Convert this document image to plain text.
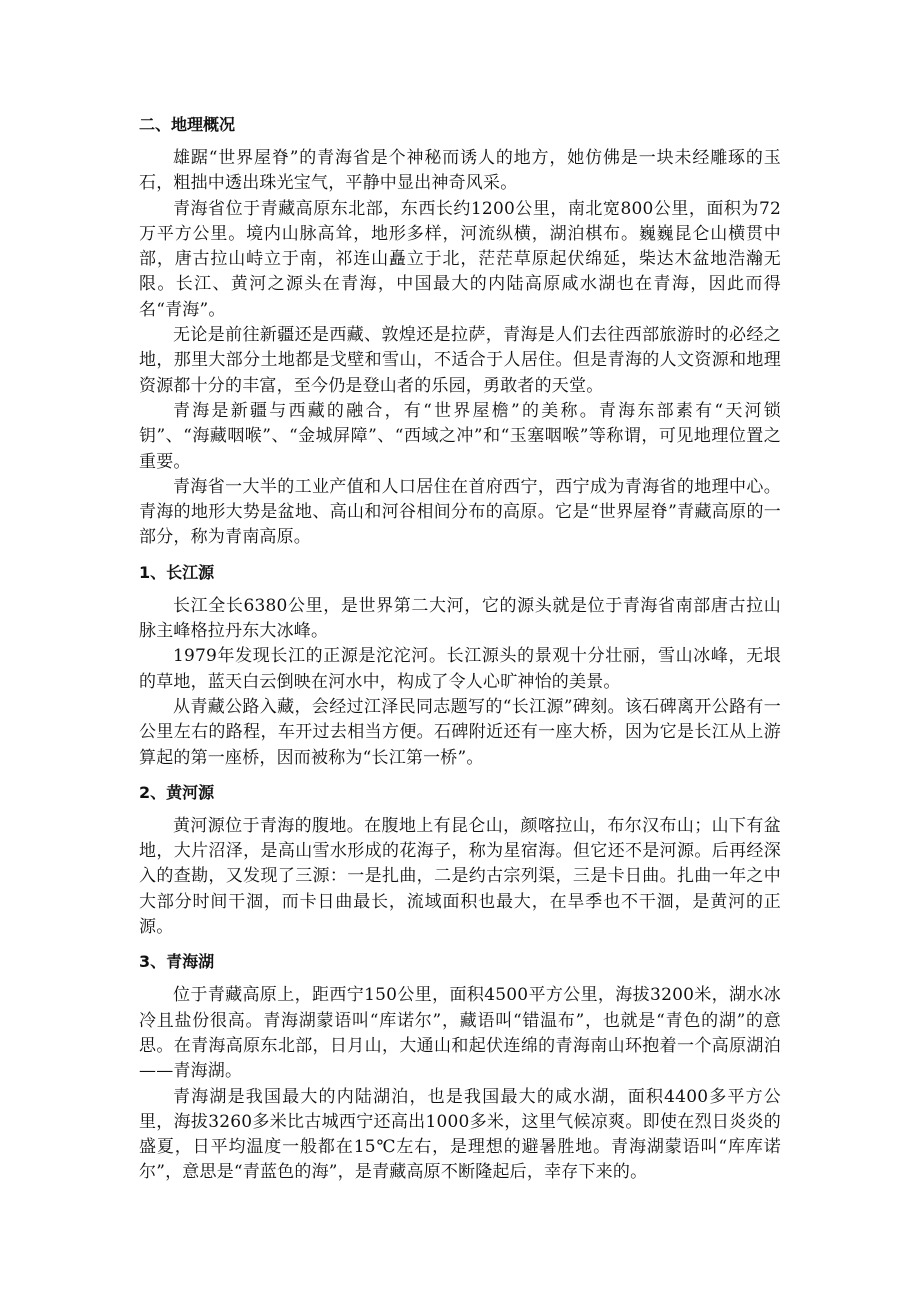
二、地理概况

雄踞“世界屋脊”的青海省是个神秘而诱人的地方，她仿佛是一块未经雕琢的玉石，粗拙中透出珠光宝气，平静中显出神奇风采。

青海省位于青藏高原东北部，东西长约1200公里，南北宽800公里，面积为72万平方公里。境内山脉高耸，地形多样，河流纵横，湖泊棋布。巍巍昆仑山横贯中部，唐古拉山峙立于南，祁连山矗立于北，茫茫草原起伏绵延，柴达木盆地浩瀚无限。长江、黄河之源头在青海，中国最大的内陆高原咸水湖也在青海，因此而得名“青海”。

无论是前往新疆还是西藏、敦煌还是拉萨，青海是人们去往西部旅游时的必经之地，那里大部分土地都是戈壁和雪山，不适合于人居住。但是青海的人文资源和地理资源都十分的丰富，至今仍是登山者的乐园，勇敢者的天堂。

青海是新疆与西藏的融合，有“世界屋檐”的美称。青海东部素有“天河锁钥”、“海藏咽喉”、“金城屏障”、“西域之冲”和“玉塞咽喉”等称谓，可见地理位置之重要。

青海省一大半的工业产值和人口居住在首府西宁，西宁成为青海省的地理中心。青海的地形大势是盆地、高山和河谷相间分布的高原。它是“世界屋脊”青藏高原的一部分，称为青南高原。

1、长江源

长江全长6380公里，是世界第二大河，它的源头就是位于青海省南部唐古拉山脉主峰格拉丹东大冰峰。

1979年发现长江的正源是沱沱河。长江源头的景观十分壮丽，雪山冰峰，无垠的草地，蓝天白云倒映在河水中，构成了令人心旷神怡的美景。

从青藏公路入藏，会经过江泽民同志题写的“长江源”碑刻。该石碑离开公路有一公里左右的路程，车开过去相当方便。石碑附近还有一座大桥，因为它是长江从上游算起的第一座桥，因而被称为“长江第一桥”。

2、黄河源

黄河源位于青海的腹地。在腹地上有昆仑山，颜喀拉山，布尔汉布山；山下有盆地，大片沼泽，是高山雪水形成的花海子，称为星宿海。但它还不是河源。后再经深入的查勘，又发现了三源：一是扎曲，二是约古宗列渠，三是卡日曲。扎曲一年之中大部分时间干涸，而卡日曲最长，流域面积也最大，在旱季也不干涸，是黄河的正源。

3、青海湖

位于青藏高原上，距西宁150公里，面积4500平方公里，海拔3200米，湖水冰冷且盐份很高。青海湖蒙语叫“库诺尔”，藏语叫“错温布”，也就是“青色的湖”的意思。在青海高原东北部，日月山，大通山和起伏连绵的青海南山环抱着一个高原湖泊——青海湖。

青海湖是我国最大的内陆湖泊，也是我国最大的咸水湖，面积4400多平方公里，海拔3260多米比古城西宁还高出1000多米，这里气候凉爽。即使在烈日炎炎的盛夏，日平均温度一般都在15℃左右，是理想的避暑胜地。青海湖蒙语叫“库库诺尔”，意思是“青蓝色的海”，是青藏高原不断隆起后，幸存下来的。
